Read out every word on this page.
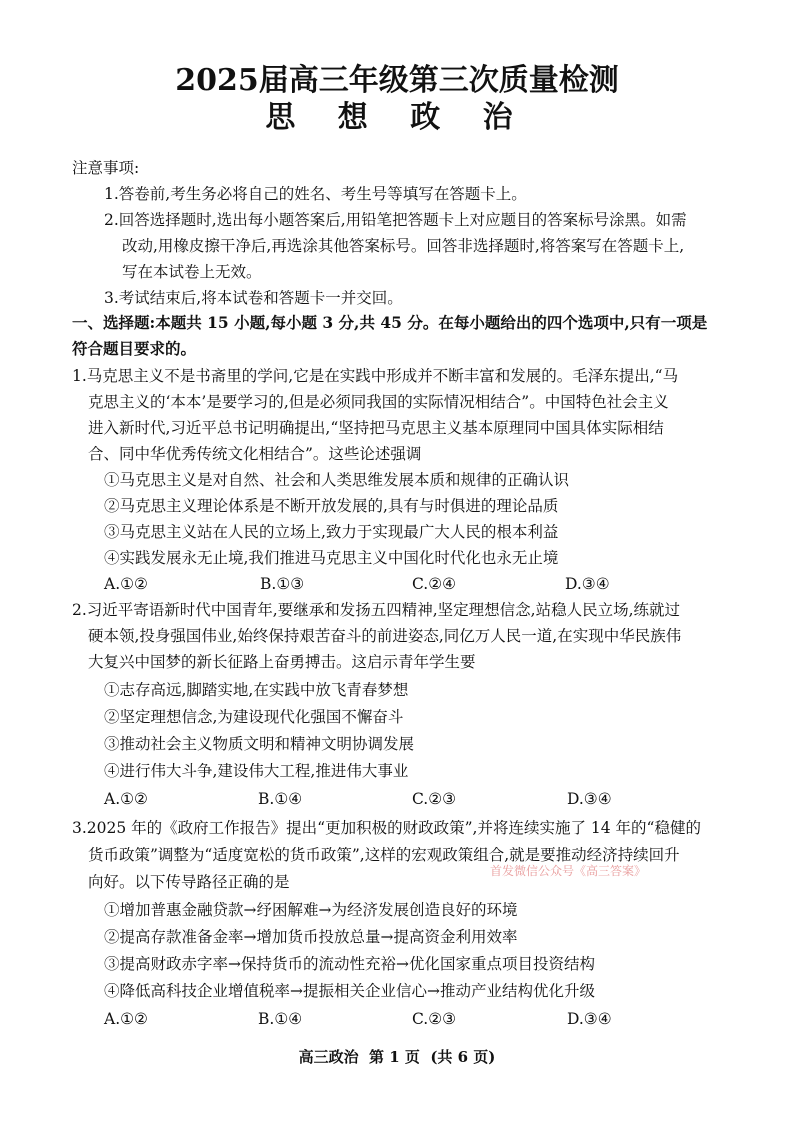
2025届高三年级第三次质量检测
思 想 政 治
注意事项:
1.答卷前,考生务必将自己的姓名、考生号等填写在答题卡上。
2.回答选择题时,选出每小题答案后,用铅笔把答题卡上对应题目的答案标号涂黑。如需
改动,用橡皮擦干净后,再选涂其他答案标号。回答非选择题时,将答案写在答题卡上,
写在本试卷上无效。
3.考试结束后,将本试卷和答题卡一并交回。
一、选择题:本题共 15 小题,每小题 3 分,共 45 分。在每小题给出的四个选项中,只有一项是
符合题目要求的。
1.马克思主义不是书斋里的学问,它是在实践中形成并不断丰富和发展的。毛泽东提出,“马
克思主义的‘本本’是要学习的,但是必须同我国的实际情况相结合”。中国特色社会主义
进入新时代,习近平总书记明确提出,“坚持把马克思主义基本原理同中国具体实际相结
合、同中华优秀传统文化相结合”。这些论述强调
①马克思主义是对自然、社会和人类思维发展本质和规律的正确认识
②马克思主义理论体系是不断开放发展的,具有与时俱进的理论品质
③马克思主义站在人民的立场上,致力于实现最广大人民的根本利益
④实践发展永无止境,我们推进马克思主义中国化时代化也永无止境
A.①②	B.①③	C.②④	D.③④
2.习近平寄语新时代中国青年,要继承和发扬五四精神,坚定理想信念,站稳人民立场,练就过
硬本领,投身强国伟业,始终保持艰苦奋斗的前进姿态,同亿万人民一道,在实现中华民族伟
大复兴中国梦的新长征路上奋勇搏击。这启示青年学生要
①志存高远,脚踏实地,在实践中放飞青春梦想
②坚定理想信念,为建设现代化强国不懈奋斗
③推动社会主义物质文明和精神文明协调发展
④进行伟大斗争,建设伟大工程,推进伟大事业
A.①②	B.①④	C.②③	D.③④
3.2025 年的《政府工作报告》提出“更加积极的财政政策”,并将连续实施了 14 年的“稳健的
货币政策”调整为“适度宽松的货币政策”,这样的宏观政策组合,就是要推动经济持续回升
向好。以下传导路径正确的是
①增加普惠金融贷款→纾困解难→为经济发展创造良好的环境
②提高存款准备金率→增加货币投放总量→提高资金利用效率
③提高财政赤字率→保持货币的流动性充裕→优化国家重点项目投资结构
④降低高科技企业增值税率→提振相关企业信心→推动产业结构优化升级
A.①②	B.①④	C.②③	D.③④
首发微信公众号《高三答案》
高三政治  第 1 页  (共 6 页)
